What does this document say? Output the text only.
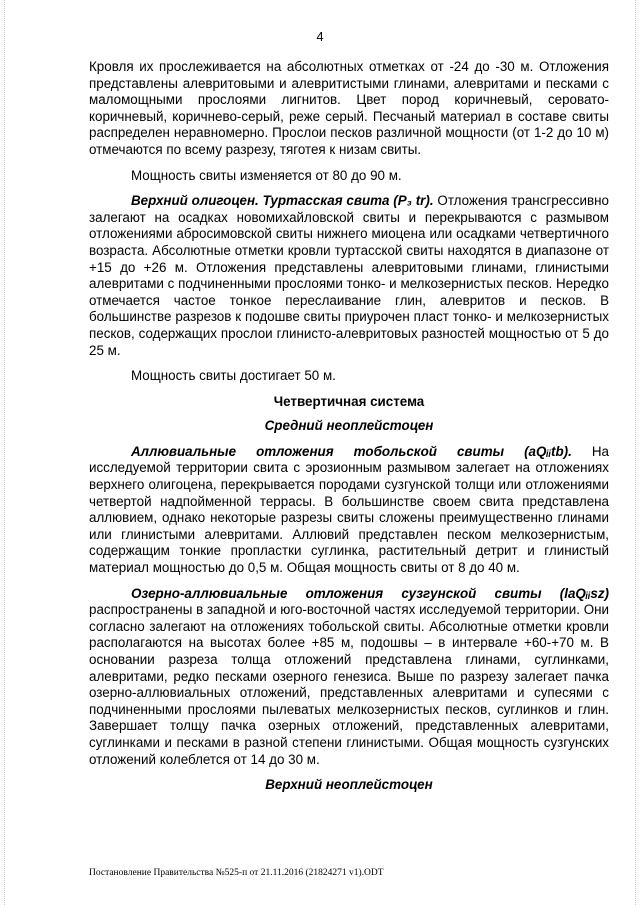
4

Кровля их прослеживается на абсолютных отметках от -24 до -30 м. Отложения представлены алевритовыми и алевритистыми глинами, алевритами и песками с маломощными прослоями лигнитов. Цвет пород коричневый, серовато-коричневый, коричнево-серый, реже серый. Песчаный материал в составе свиты распределен неравномерно. Прослои песков различной мощности (от 1-2 до 10 м) отмечаются по всему разрезу, тяготея к низам свиты.

Мощность свиты изменяется от 80 до 90 м.

Верхний олигоцен. Туртасская свита (P₃ tr). Отложения трансгрессивно залегают на осадках новомихайловской свиты и перекрываются с размывом отложениями абросимовской свиты нижнего миоцена или осадками четвертичного возраста. Абсолютные отметки кровли туртасской свиты находятся в диапазоне от +15 до +26 м. Отложения представлены алевритовыми глинами, глинистыми алевритами с подчиненными прослоями тонко- и мелкозернистых песков. Нередко отмечается частое тонкое переслаивание глин, алевритов и песков. В большинстве разрезов к подошве свиты приурочен пласт тонко- и мелкозернистых песков, содержащих прослои глинисто-алевритовых разностей мощностью от 5 до 25 м.

Мощность свиты достигает 50 м.

Четвертичная система
Средний неоплейстоцен

Аллювиальные отложения тобольской свиты (aQᵢᵢtb). На исследуемой территории свита с эрозионным размывом залегает на отложениях верхнего олигоцена, перекрывается породами сузгунской толщи или отложениями четвертой надпойменной террасы. В большинстве своем свита представлена аллювием, однако некоторые разрезы свиты сложены преимущественно глинами или глинистыми алевритами. Аллювий представлен песком мелкозернистым, содержащим тонкие пропластки суглинка, растительный детрит и глинистый материал мощностью до 0,5 м. Общая мощность свиты от 8 до 40 м.

Озерно-аллювиальные отложения сузгунской свиты (laQᵢᵢsz) распространены в западной и юго-восточной частях исследуемой территории. Они согласно залегают на отложениях тобольской свиты. Абсолютные отметки кровли располагаются на высотах более +85 м, подошвы – в интервале +60-+70 м. В основании разреза толща отложений представлена глинами, суглинками, алевритами, редко песками озерного генезиса. Выше по разрезу залегает пачка озерно-аллювиальных отложений, представленных алевритами и супесями с подчиненными прослоями пылеватых мелкозернистых песков, суглинков и глин. Завершает толщу пачка озерных отложений, представленных алевритами, суглинками и песками в разной степени глинистыми. Общая мощность сузгунских отложений колеблется от 14 до 30 м.

Верхний неоплейстоцен
Постановление Правительства №525-п от 21.11.2016 (21824271 v1).ODT
